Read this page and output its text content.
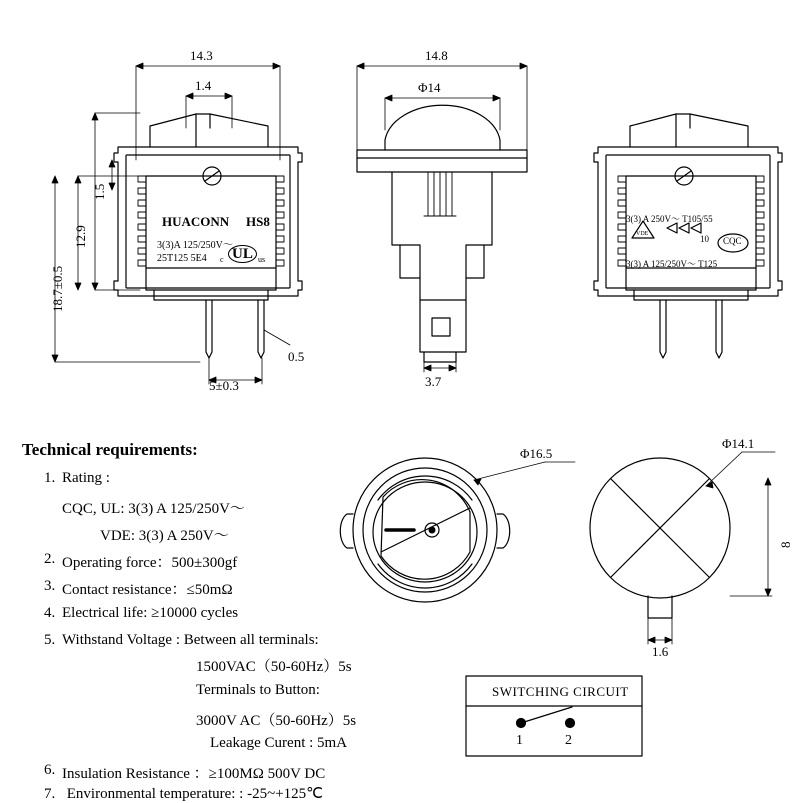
14.3
1.4
1.5
12.9
18.7±0.5
5±0.3
0.5
HUACONN HS8
3(3)A 125/250V～
25T125 5E4 c UL us
14.8
Φ14
3.7
3(3) A 250V～ T105/55
VDE	10 CQC
3(3) A 125/250V～ T125
Φ16.5
Φ14.1
8
1.6
Technical requirements:
1. Rating :
CQC, UL: 3(3) A 125/250V～
VDE: 3(3) A 250V～
2. Operating force：500±300gf
3. Contact resistance：≤50mΩ
4. Electrical life: ≥10000 cycles
5. Withstand Voltage : Between all terminals:
1500VAC（50-60Hz）5s
Terminals to Button:
3000V AC（50-60Hz）5s
Leakage Curent : 5mA
6. Insulation Resistance ：≥100MΩ 500V DC
7. Environmental temperature: : -25~+125℃
SWITCHING CIRCUIT
1	2
